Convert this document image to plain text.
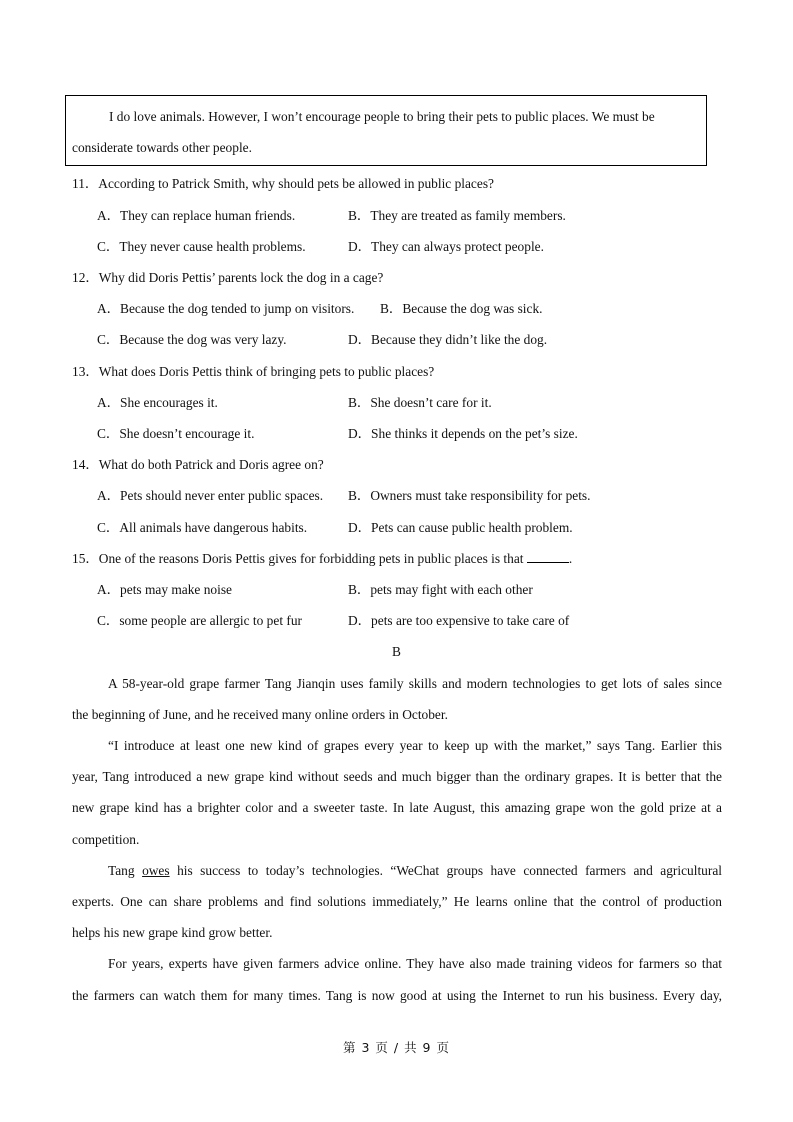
I do love animals. However, I won’t encourage people to bring their pets to public places. We must be

considerate towards other people.

11．According to Patrick Smith, why should pets be allowed in public places?
A．They can replace human friends.	B．They are treated as family members.
C．They never cause health problems.	D．They can always protect people.
12．Why did Doris Pettis’ parents lock the dog in a cage?
A．Because the dog tended to jump on visitors. B．Because the dog was sick.
C．Because the dog was very lazy.	D．Because they didn’t like the dog.
13．What does Doris Pettis think of bringing pets to public places?
A．She encourages it.	B．She doesn’t care for it.
C．She doesn’t encourage it.	D．She thinks it depends on the pet’s size.
14．What do both Patrick and Doris agree on?
A．Pets should never enter public spaces. B．Owners must take responsibility for pets.
C．All animals have dangerous habits.	D．Pets can cause public health problem.
15．One of the reasons Doris Pettis gives for forbidding pets in public places is that	.
A．pets may make noise	B．pets may fight with each other
C．some people are allergic to pet fur	D．pets are too expensive to take care of
B
A 58-year-old grape farmer Tang Jianqin uses family skills and modern technologies to get lots of sales since
the beginning of June, and he received many online orders in October.
“I introduce at least one new kind of grapes every year to keep up with the market,” says Tang. Earlier this
year, Tang introduced a new grape kind without seeds and much bigger than the ordinary grapes. It is better that the
new grape kind has a brighter color and a sweeter taste. In late August, this amazing grape won the gold prize at a
competition.
Tang owes his success to today’s technologies. “WeChat groups have connected farmers and agricultural
experts. One can share problems and find solutions immediately,” He learns online that the control of production
helps his new grape kind grow better.
For years, experts have given farmers advice online. They have also made training videos for farmers so that
the farmers can watch them for many times. Tang is now good at using the Internet to run his business. Every day,
第 3 页 / 共 9 页
